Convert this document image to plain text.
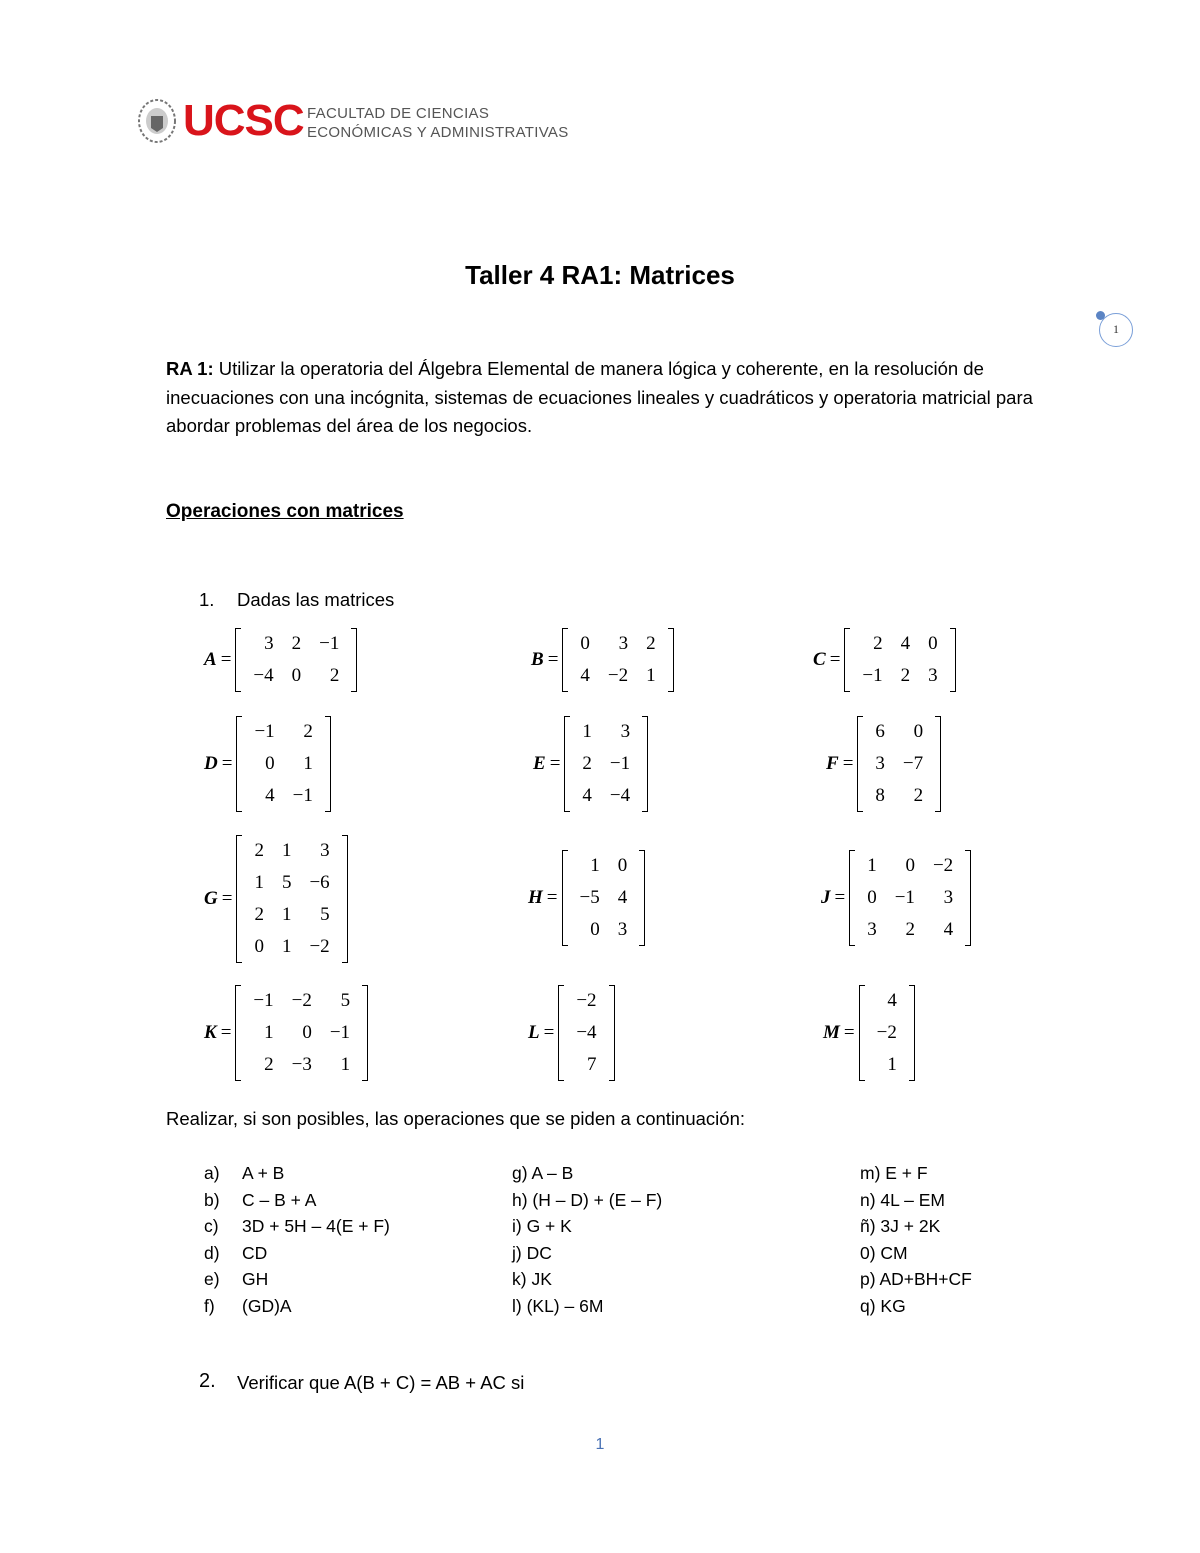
UCSC FACULTAD DE CIENCIAS
ECONÓMICAS Y ADMINISTRATIVAS
Taller 4 RA1: Matrices
1
RA 1: Utilizar la operatoria del Álgebra Elemental de manera lógica y coherente, en la resolución de inecuaciones con una incógnita, sistemas de ecuaciones lineales y cuadráticos y operatoria matricial para abordar problemas del área de los negocios.
Operaciones con matrices
1. Dadas las matrices
A =
3	2	−1
−4	0	2
B =
0	3	2
4	−2	1
C =
2	4	0
−1	2	3
D =
−1	2
0	1
4	−1
E =
1	3
2	−1
4	−4
F =
6	0
3	−7
8	2
G =
2	1	3
1	5	−6
2	1	5
0	1	−2
H =
1	0
−5	4
0	3
J =
1	0	−2
0	−1	3
3	2	4
K =
−1	−2	5
1	0	−1
2	−3	1
L =
−2
−4
7
M =
4
−2
1
Realizar, si son posibles, las operaciones que se piden a continuación:
a) A + B
b) C – B + A
c) 3D + 5H – 4(E + F)
d) CD
e) GH
f) (GD)A
g) A – B
h) (H – D) + (E – F)
i) G + K
j) DC
k) JK
l) (KL) – 6M
m) E + F
n) 4L – EM
ñ) 3J + 2K
0) CM
p) AD+BH+CF
q) KG
2. Verificar que A(B + C) = AB + AC si
1
